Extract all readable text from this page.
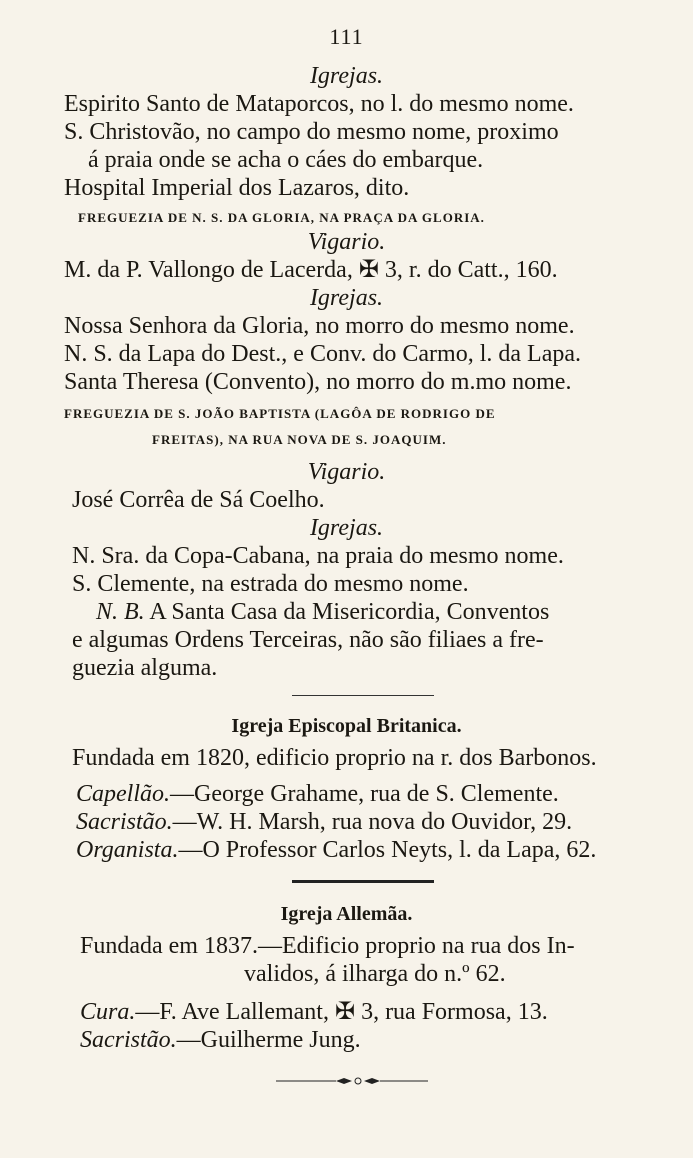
111
Igrejas.
Espirito Santo de Mataporcos, no l. do mesmo nome.
S. Christovão, no campo do mesmo nome, proximo
á praia onde se acha o cáes do embarque.
Hospital Imperial dos Lazaros, dito.
FREGUEZIA DE N. S. DA GLORIA, NA PRAÇA DA GLORIA.
Vigario.
M. da P. Vallongo de Lacerda, ✠ 3, r. do Catt., 160.
Igrejas.
Nossa Senhora da Gloria, no morro do mesmo nome.
N. S. da Lapa do Dest., e Conv. do Carmo, l. da Lapa.
Santa Theresa (Convento), no morro do m.mo nome.
FREGUEZIA DE S. JOÃO BAPTISTA (LAGÔA DE RODRIGO DE
FREITAS), NA RUA NOVA DE S. JOAQUIM.
Vigario.
José Corrêa de Sá Coelho.
Igrejas.
N. Sra. da Copa-Cabana, na praia do mesmo nome.
S. Clemente, na estrada do mesmo nome.
N. B. A Santa Casa da Misericordia, Conventos
e algumas Ordens Terceiras, não são filiaes a fre-
guezia alguma.
Igreja Episcopal Britanica.
Fundada em 1820, edificio proprio na r. dos Barbonos.
Capellão.—George Grahame, rua de S. Clemente.
Sacristão.—W. H. Marsh, rua nova do Ouvidor, 29.
Organista.—O Professor Carlos Neyts, l. da Lapa, 62.
Igreja Allemãa.
Fundada em 1837.—Edificio proprio na rua dos In-
validos, á ilharga do n.º 62.
Cura.—F. Ave Lallemant, ✠ 3, rua Formosa, 13.
Sacristão.—Guilherme Jung.
